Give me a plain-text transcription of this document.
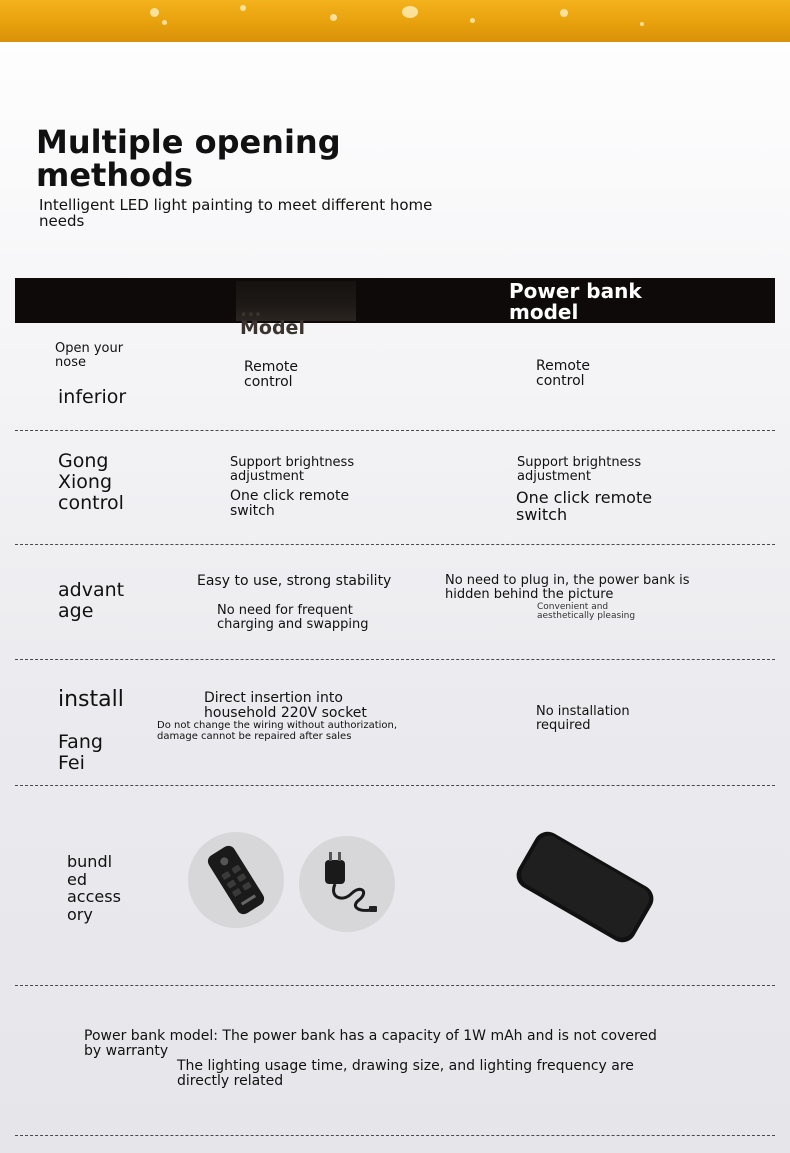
Multiple opening
methods
Intelligent LED light painting to meet different home needs
...
Model
Power bank
model
Open your
nose
inferior
Remote
control
Remote
control
Gong
Xiong
control
Support brightness
adjustment
One click remote
switch
Support brightness
adjustment
One click remote
switch
advant
age
Easy to use, strong stability
No need for frequent
charging and swapping
No need to plug in, the power bank is
hidden behind the picture
Convenient and
aesthetically pleasing
install
Fang
Fei
Direct insertion into
household 220V socket
Do not change the wiring without authorization,
damage cannot be repaired after sales
No installation
required
bundl
ed
access
ory
Power bank model: The power bank has a capacity of 1W mAh and is not covered
by warranty
The lighting usage time, drawing size, and lighting frequency are
directly related
